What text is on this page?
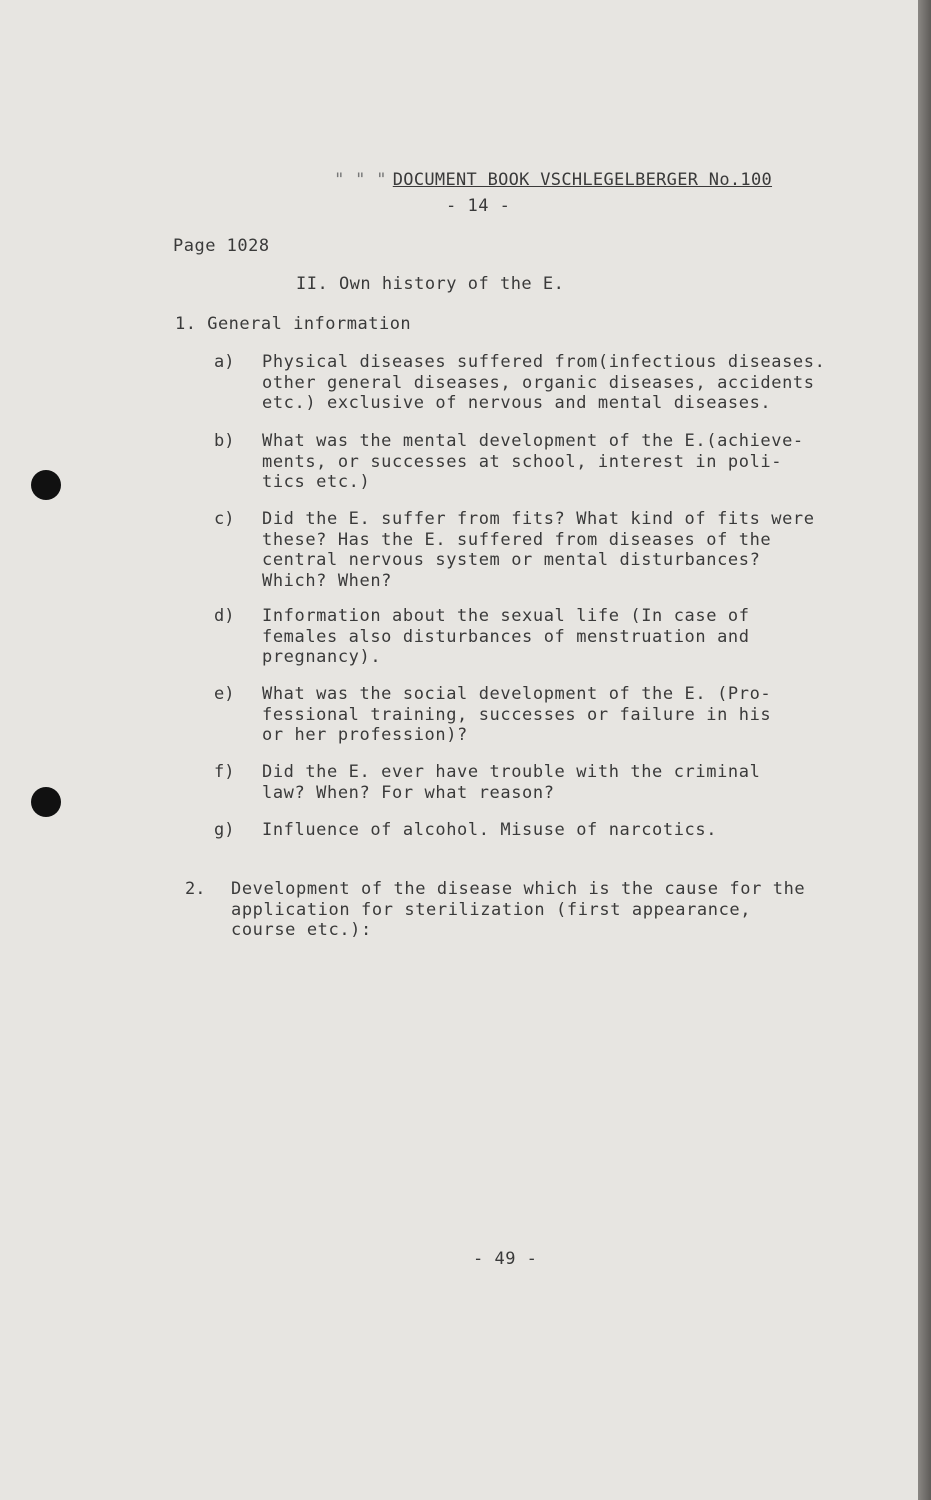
" " " DOCUMENT BOOK VSCHLEGELBERGER No.100

- 14 -
Page 1028
II. Own history of the E.
1. General information
a) Physical diseases suffered from(infectious diseases.
other general diseases, organic diseases, accidents
etc.) exclusive of nervous and mental diseases.
b) What was the mental development of the E.(achieve-
ments, or successes at school, interest in poli-
tics etc.)
c) Did the E. suffer from fits? What kind of fits were
these? Has the E. suffered from diseases of the
central nervous system or mental disturbances?
Which? When?
d) Information about the sexual life (In case of
females also disturbances of menstruation and
pregnancy).
e) What was the social development of the E. (Pro-
fessional training, successes or failure in his
or her profession)?
f) Did the E. ever have trouble with the criminal
law? When? For what reason?
g) Influence of alcohol. Misuse of narcotics.
2. Development of the disease which is the cause for the
application for sterilization (first appearance,
course etc.):
- 49 -
